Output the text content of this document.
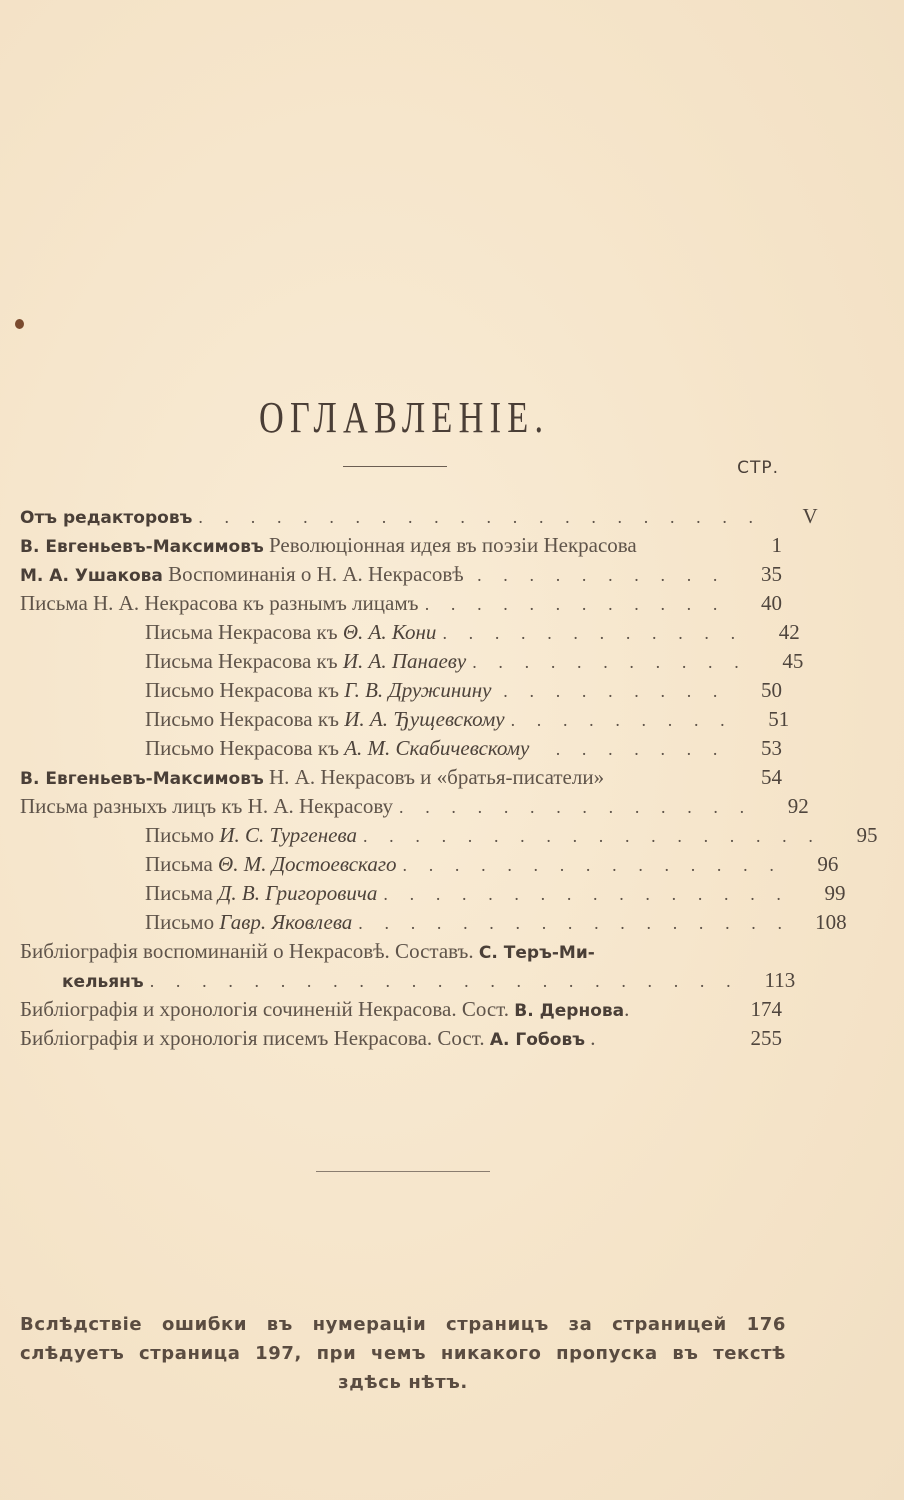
ОГЛАВЛЕНІЕ.
СТР.
Отъ редакторовъ . . . . . . . . . . . . . . . . . . . . . .	V
В. Евгеньевъ-Максимовъ Революціонная идея въ поэзіи Некрасова	1
М. А. Ушакова Воспоминанія о Н. А. Некрасовѣ . . . . . . . . . .	35
Письма Н. А. Некрасова къ разнымъ лицамъ . . . . . . . . . . . .	40
Письма Некрасова къ Θ. А. Кони . . . . . . . . . . . .	42
Письма Некрасова къ И. А. Панаеву . . . . . . . . . . .	45
Письмо Некрасова къ Г. В. Дружинину . . . . . . . . .	50
Письмо Некрасова къ И. А. Ђущевскому . . . . . . . . .	51
Письмо Некрасова къ А. М. Скабичевскому	. . . . . . .	53
В. Евгеньевъ-Максимовъ Н. А. Некрасовъ и «братья-писатели»	54
Письма разныхъ лицъ къ Н. А. Некрасову . . . . . . . . . . . . . .	92
Письмо И. С. Тургенева . . . . . . . . . . . . . . . . . .	95
Письма Θ. М. Достоевскаго . . . . . . . . . . . . . . .	96
Письма Д. В. Григоровича . . . . . . . . . . . . . . . .	99
Письмо Гавр. Яковлева . . . . . . . . . . . . . . . . .	108
Библіографія воспоминаній о Некрасовѣ. Составъ. С. Теръ-Ми-
кельянъ . . . . . . . . . . . . . . . . . . . . . . .	113
Библіографія и хронологія сочиненій Некрасова. Сост. В. Дернова.	174
Библіографія и хронологія писемъ Некрасова. Сост. А. Гобовъ .	255
Вслѣдствіе ошибки въ нумераціи страницъ за страницей 176
слѣдуетъ страница 197, при чемъ никакого пропуска въ текстѣ
здѣсь нѣтъ.
